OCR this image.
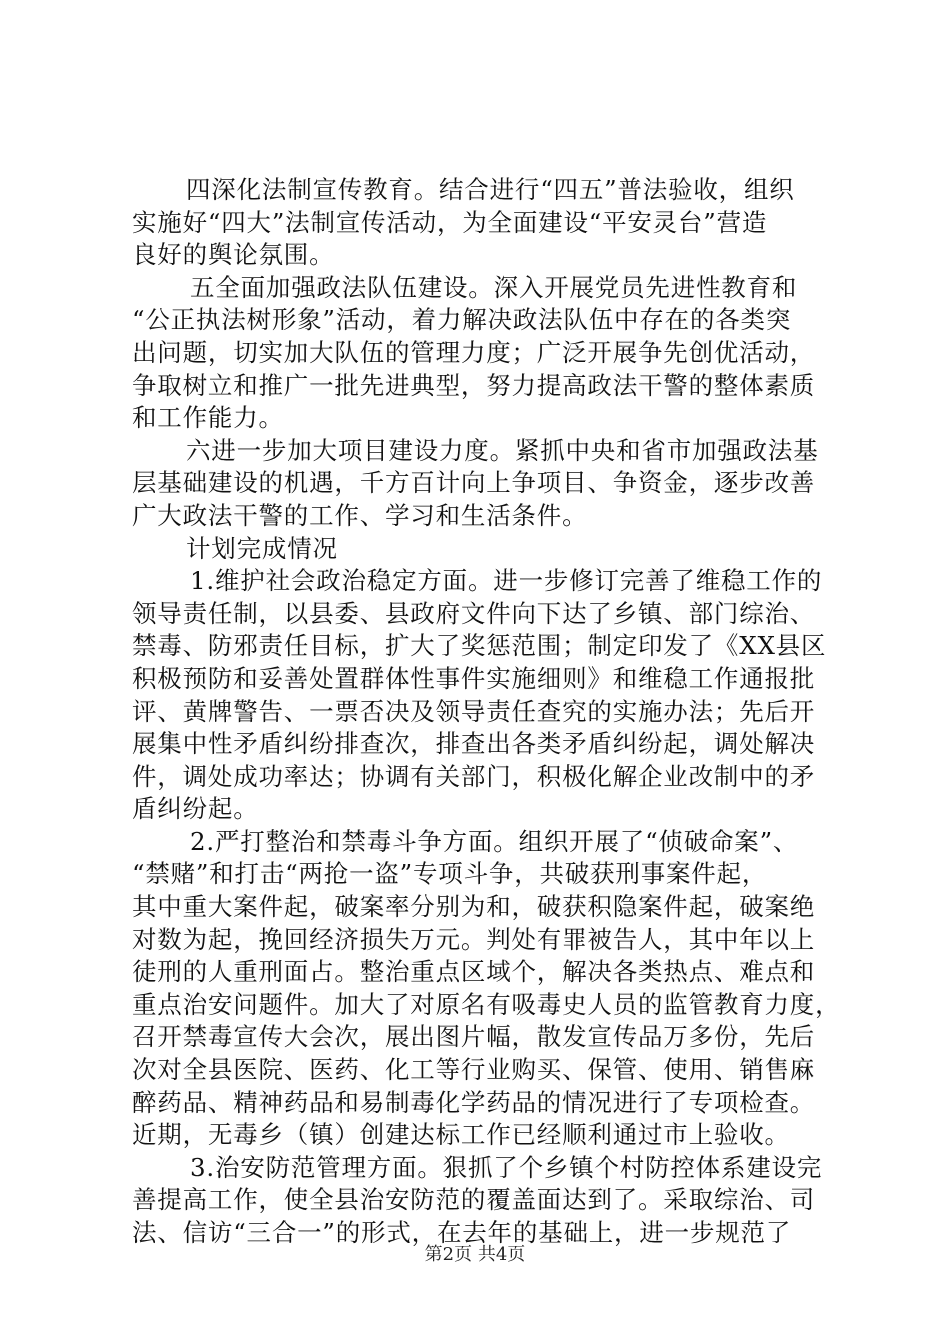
四深化法制宣传教育。结合进行“四五”普法验收，组织
实施好“四大”法制宣传活动，为全面建设“平安灵台”营造
良好的舆论氛围。
五全面加强政法队伍建设。深入开展党员先进性教育和
“公正执法树形象”活动，着力解决政法队伍中存在的各类突
出问题，切实加大队伍的管理力度；广泛开展争先创优活动，
争取树立和推广一批先进典型，努力提高政法干警的整体素质
和工作能力。
六进一步加大项目建设力度。紧抓中央和省市加强政法基
层基础建设的机遇，千方百计向上争项目、争资金，逐步改善
广大政法干警的工作、学习和生活条件。
计划完成情况
1.维护社会政治稳定方面。进一步修订完善了维稳工作的
领导责任制，以县委、县政府文件向下达了乡镇、部门综治、
禁毒、防邪责任目标，扩大了奖惩范围；制定印发了《XX县区
积极预防和妥善处置群体性事件实施细则》和维稳工作通报批
评、黄牌警告、一票否决及领导责任查究的实施办法；先后开
展集中性矛盾纠纷排查次，排查出各类矛盾纠纷起，调处解决
件，调处成功率达；协调有关部门，积极化解企业改制中的矛
盾纠纷起。
2.严打整治和禁毒斗争方面。组织开展了“侦破命案”、
“禁赌”和打击“两抢一盗”专项斗争，共破获刑事案件起，
其中重大案件起，破案率分别为和，破获积隐案件起，破案绝
对数为起，挽回经济损失万元。判处有罪被告人，其中年以上
徒刑的人重刑面占。整治重点区域个，解决各类热点、难点和
重点治安问题件。加大了对原名有吸毒史人员的监管教育力度，
召开禁毒宣传大会次，展出图片幅，散发宣传品万多份，先后
次对全县医院、医药、化工等行业购买、保管、使用、销售麻
醉药品、精神药品和易制毒化学药品的情况进行了专项检查。
近期，无毒乡（镇）创建达标工作已经顺利通过市上验收。
3.治安防范管理方面。狠抓了个乡镇个村防控体系建设完
善提高工作，使全县治安防范的覆盖面达到了。采取综治、司
法、信访“三合一”的形式，在去年的基础上，进一步规范了
第2页 共4页
